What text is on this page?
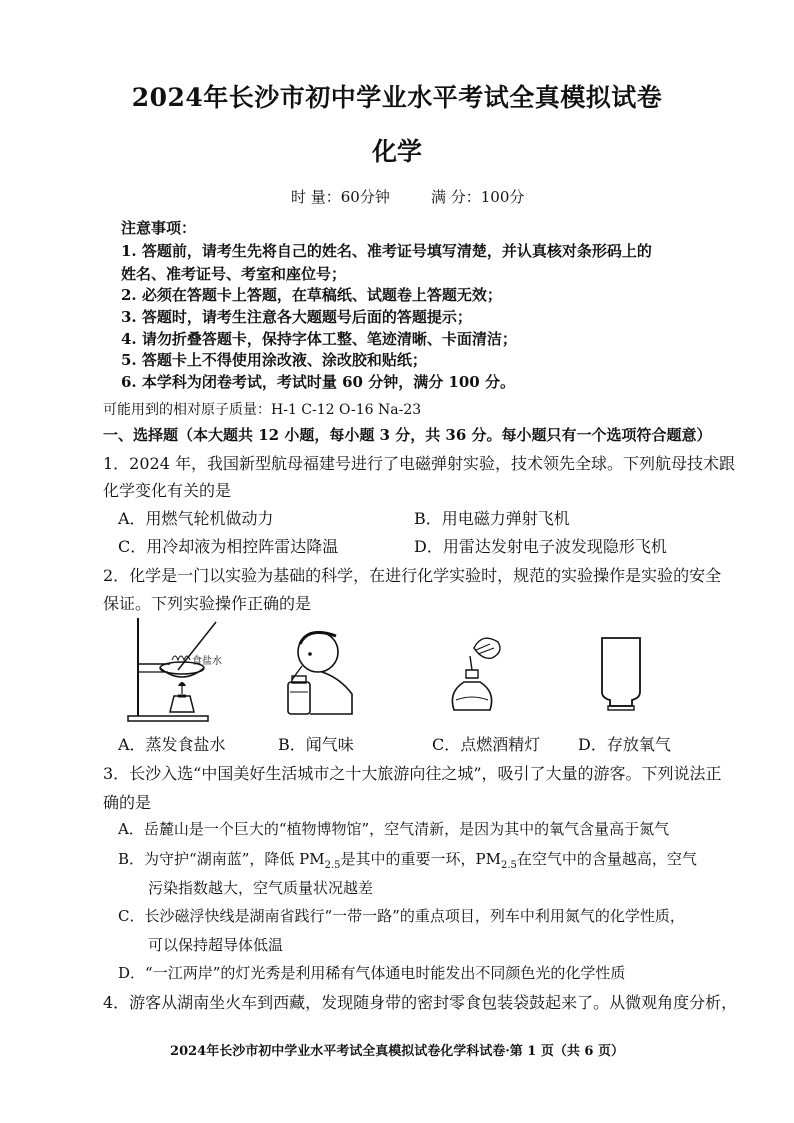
2024年长沙市初中学业水平考试全真模拟试卷
化学
时 量：60分钟	满 分：100分
注意事项：
1. 答题前，请考生先将自己的姓名、准考证号填写清楚，并认真核对条形码上的
姓名、准考证号、考室和座位号；
2. 必须在答题卡上答题，在草稿纸、试题卷上答题无效；
3. 答题时，请考生注意各大题题号后面的答题提示；
4. 请勿折叠答题卡，保持字体工整、笔迹清晰、卡面清洁；
5. 答题卡上不得使用涂改液、涂改胶和贴纸；
6. 本学科为闭卷考试，考试时量 60 分钟，满分 100 分。
可能用到的相对原子质量：H-1 C-12 O-16 Na-23
一、选择题（本大题共 12 小题，每小题 3 分，共 36 分。每小题只有一个选项符合题意）
1．2024 年，我国新型航母福建号进行了电磁弹射实验，技术领先全球。下列航母技术跟
化学变化有关的是
A．用燃气轮机做动力	B．用电磁力弹射飞机
C．用冷却液为相控阵雷达降温	D．用雷达发射电子波发现隐形飞机
2．化学是一门以实验为基础的科学，在进行化学实验时，规范的实验操作是实验的安全
保证。下列实验操作正确的是
食盐水
A．蒸发食盐水	B．闻气味	C．点燃酒精灯 D．存放氧气
3．长沙入选“中国美好生活城市之十大旅游向往之城”，吸引了大量的游客。下列说法正
确的是
A．岳麓山是一个巨大的“植物博物馆”，空气清新，是因为其中的氧气含量高于氮气
B．为守护“湖南蓝”，降低 $PM_{2.5}$是其中的重要一环，$PM_{2.5}$在空气中的含量越高，空气
污染指数越大，空气质量状况越差
C．长沙磁浮快线是湖南省践行“一带一路”的重点项目，列车中利用氮气的化学性质，
可以保持超导体低温
D．“一江两岸”的灯光秀是利用稀有气体通电时能发出不同颜色光的化学性质
4．游客从湖南坐火车到西藏，发现随身带的密封零食包装袋鼓起来了。从微观角度分析，
2024年长沙市初中学业水平考试全真模拟试卷化学科试卷·第 1 页（共 6 页）
